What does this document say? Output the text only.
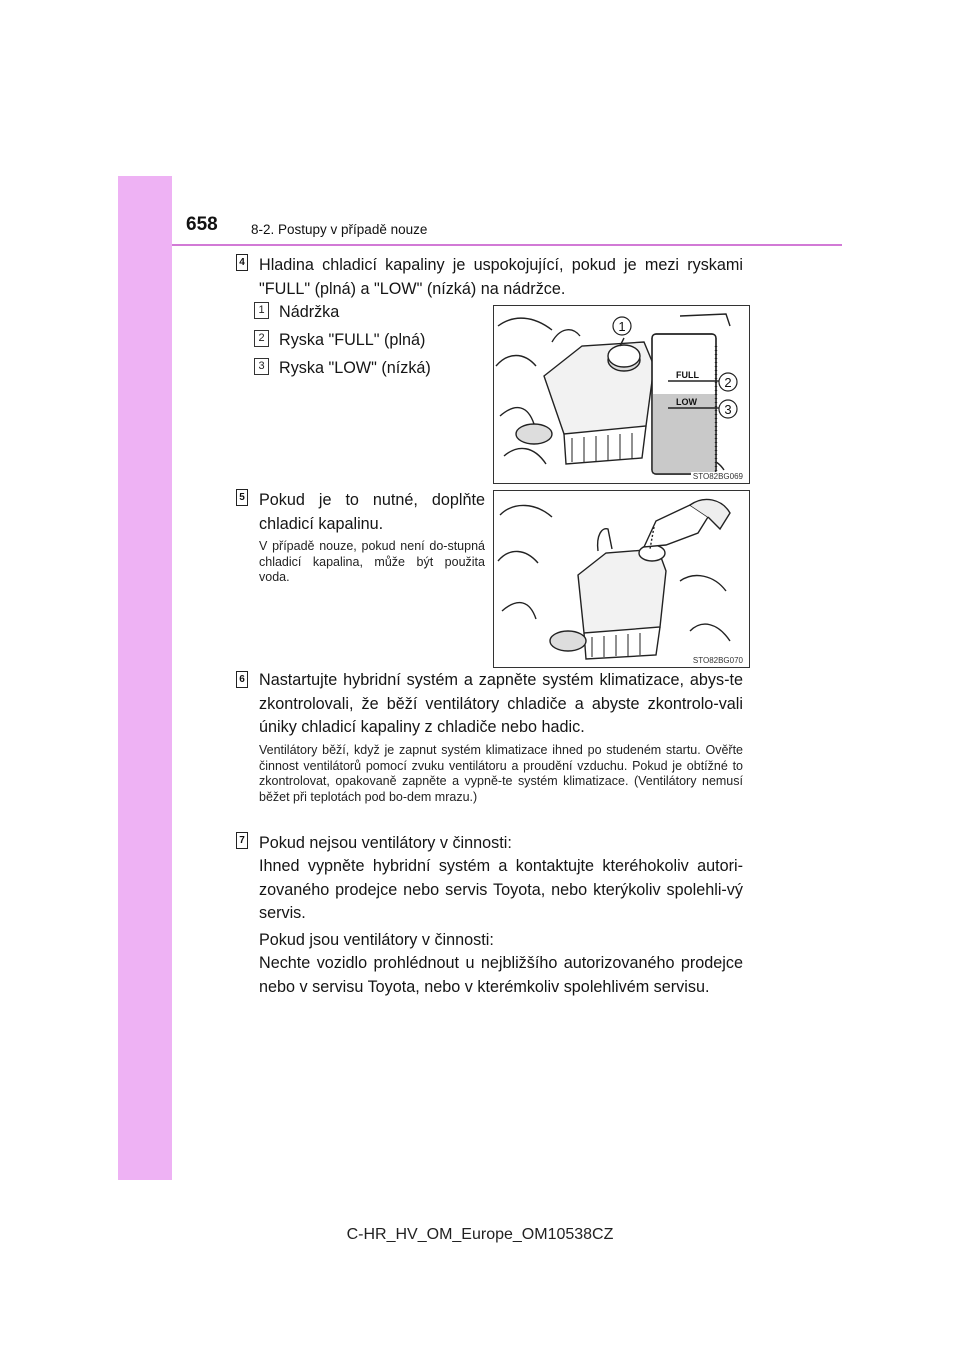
658 8-2. Postupy v případě nouze
4 Hladina chladicí kapaliny je uspokojující, pokud je mezi ryskami "FULL" (plná) a "LOW" (nízká) na nádržce.
1 Nádržka
2 Ryska "FULL" (plná)
3 Ryska "LOW" (nízká)
1
2
3
FULL
LOW
STO82BG069
5 Pokud je to nutné, doplňte chladicí kapalinu.
V případě nouze, pokud není do-stupná chladicí kapalina, může být použita voda.
STO82BG070
6 Nastartujte hybridní systém a zapněte systém klimatizace, abys-te zkontrolovali, že běží ventilátory chladiče a abyste zkontrolo-vali úniky chladicí kapaliny z chladiče nebo hadic.
Ventilátory běží, když je zapnut systém klimatizace ihned po studeném startu. Ověřte činnost ventilátorů pomocí zvuku ventilátoru a proudění vzduchu. Pokud je obtížné to zkontrolovat, opakovaně zapněte a vypně-te systém klimatizace. (Ventilátory nemusí běžet při teplotách pod bo-dem mrazu.)
7 Pokud nejsou ventilátory v činnosti:
Ihned vypněte hybridní systém a kontaktujte kteréhokoliv autori-zovaného prodejce nebo servis Toyota, nebo kterýkoliv spolehli-vý servis.
Pokud jsou ventilátory v činnosti:
Nechte vozidlo prohlédnout u nejbližšího autorizovaného prodejce nebo v servisu Toyota, nebo v kterémkoliv spolehlivém servisu.
C-HR_HV_OM_Europe_OM10538CZ
